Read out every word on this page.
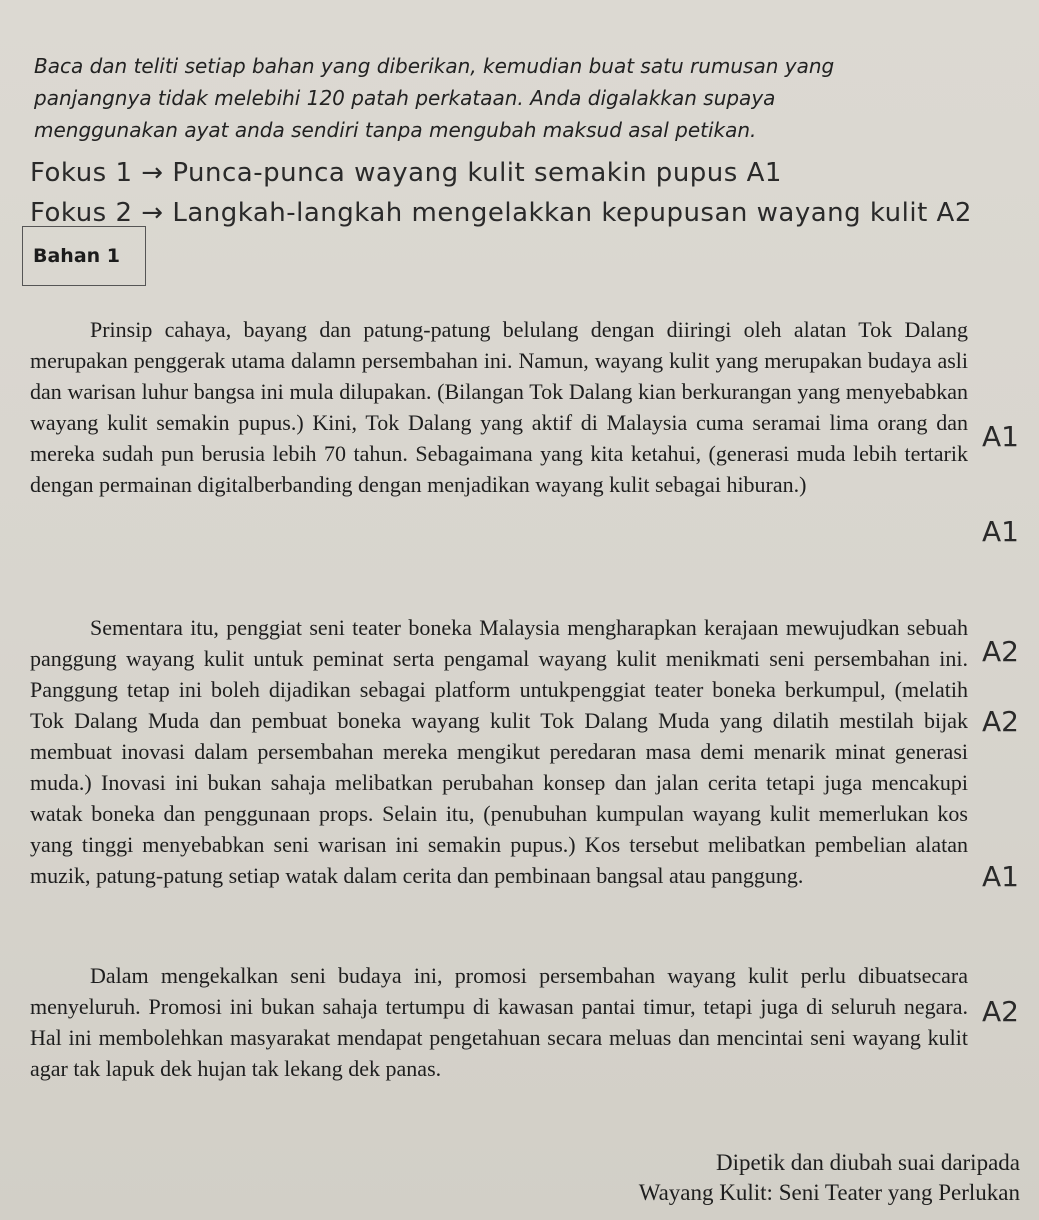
Baca dan teliti setiap bahan yang diberikan, kemudian buat satu rumusan yang
panjangnya tidak melebihi 120 patah perkataan. Anda digalakkan supaya
menggunakan ayat anda sendiri tanpa mengubah maksud asal petikan.
Fokus 1 → Punca-punca wayang kulit semakin pupus A1
Fokus 2 → Langkah-langkah mengelakkan kepupusan wayang kulit A2
Bahan 1

Prinsip cahaya, bayang dan patung-patung belulang dengan diiringi oleh alatan Tok Dalang merupakan penggerak utama dalamn persembahan ini. Namun, wayang kulit yang merupakan budaya asli dan warisan luhur bangsa ini mula dilupakan. (Bilangan Tok Dalang kian berkurangan yang menyebabkan wayang kulit semakin pupus.) Kini, Tok Dalang yang aktif di Malaysia cuma seramai lima orang dan mereka sudah pun berusia lebih 70 tahun. Sebagaimana yang kita ketahui, (generasi muda lebih tertarik dengan permainan digitalberbanding dengan menjadikan wayang kulit sebagai hiburan.)

Sementara itu, penggiat seni teater boneka Malaysia mengharapkan kerajaan mewujudkan sebuah panggung wayang kulit untuk peminat serta pengamal wayang kulit menikmati seni persembahan ini. Panggung tetap ini boleh dijadikan sebagai platform untukpenggiat teater boneka berkumpul, (melatih Tok Dalang Muda dan pembuat boneka wayang kulit Tok Dalang Muda yang dilatih mestilah bijak membuat inovasi dalam persembahan mereka mengikut peredaran masa demi menarik minat generasi muda.) Inovasi ini bukan sahaja melibatkan perubahan konsep dan jalan cerita tetapi juga mencakupi watak boneka dan penggunaan props. Selain itu, (penubuhan kumpulan wayang kulit memerlukan kos yang tinggi menyebabkan seni warisan ini semakin pupus.) Kos tersebut melibatkan pembelian alatan muzik, patung-patung setiap watak dalam cerita dan pembinaan bangsal atau panggung.

Dalam mengekalkan seni budaya ini, promosi persembahan wayang kulit perlu dibuatsecara menyeluruh. Promosi ini bukan sahaja tertumpu di kawasan pantai timur, tetapi juga di seluruh negara. Hal ini membolehkan masyarakat mendapat pengetahuan secara meluas dan mencintai seni wayang kulit agar tak lapuk dek hujan tak lekang dek panas.

A1
A1
A2
A2
A1
A2
Dipetik dan diubah suai daripada
Wayang Kulit: Seni Teater yang Perlukan
